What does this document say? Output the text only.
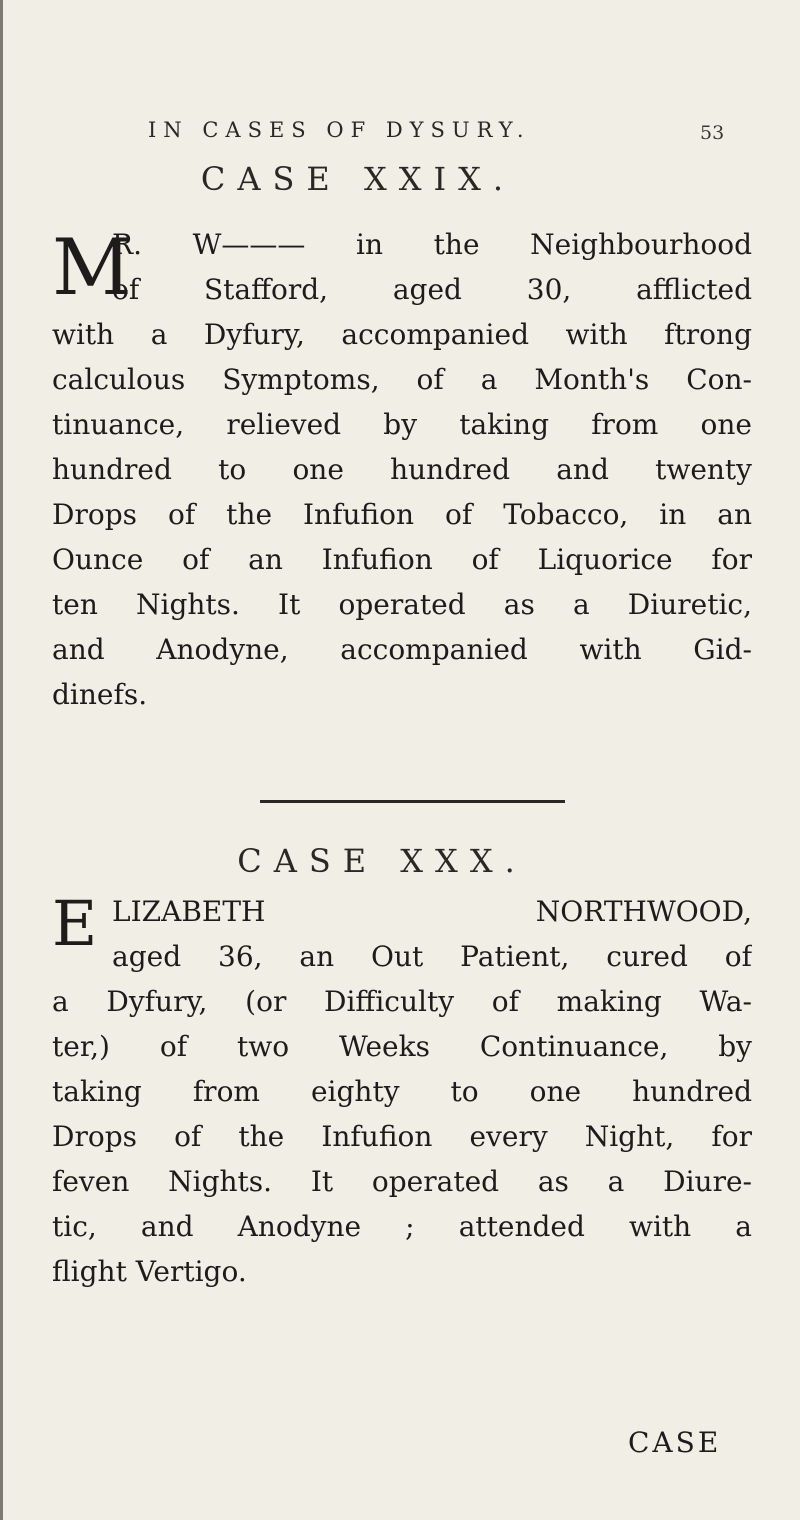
IN CASES OF DYSURY.	53
CASE XXIX.
M
R. W——— in the Neighbourhood
of Stafford, aged 30, afflicted
with a Dyfury, accompanied with ftrong
calculous Symptoms, of a Month's Con-
tinuance, relieved by taking from one
hundred to one hundred and twenty
Drops of the Infufion of Tobacco, in an
Ounce of an Infufion of Liquorice for
ten Nights. It operated as a Diuretic,
and Anodyne, accompanied with Gid-
dinefs.
CASE XXX.
E LIZABETH NORTHWOOD,
aged 36, an Out Patient, cured of
a Dyfury, (or Difficulty of making Wa-
ter,) of two Weeks Continuance, by
taking from eighty to one hundred
Drops of the Infufion every Night, for
feven Nights. It operated as a Diure-
tic, and Anodyne ; attended with a
flight Vertigo.
CASE
